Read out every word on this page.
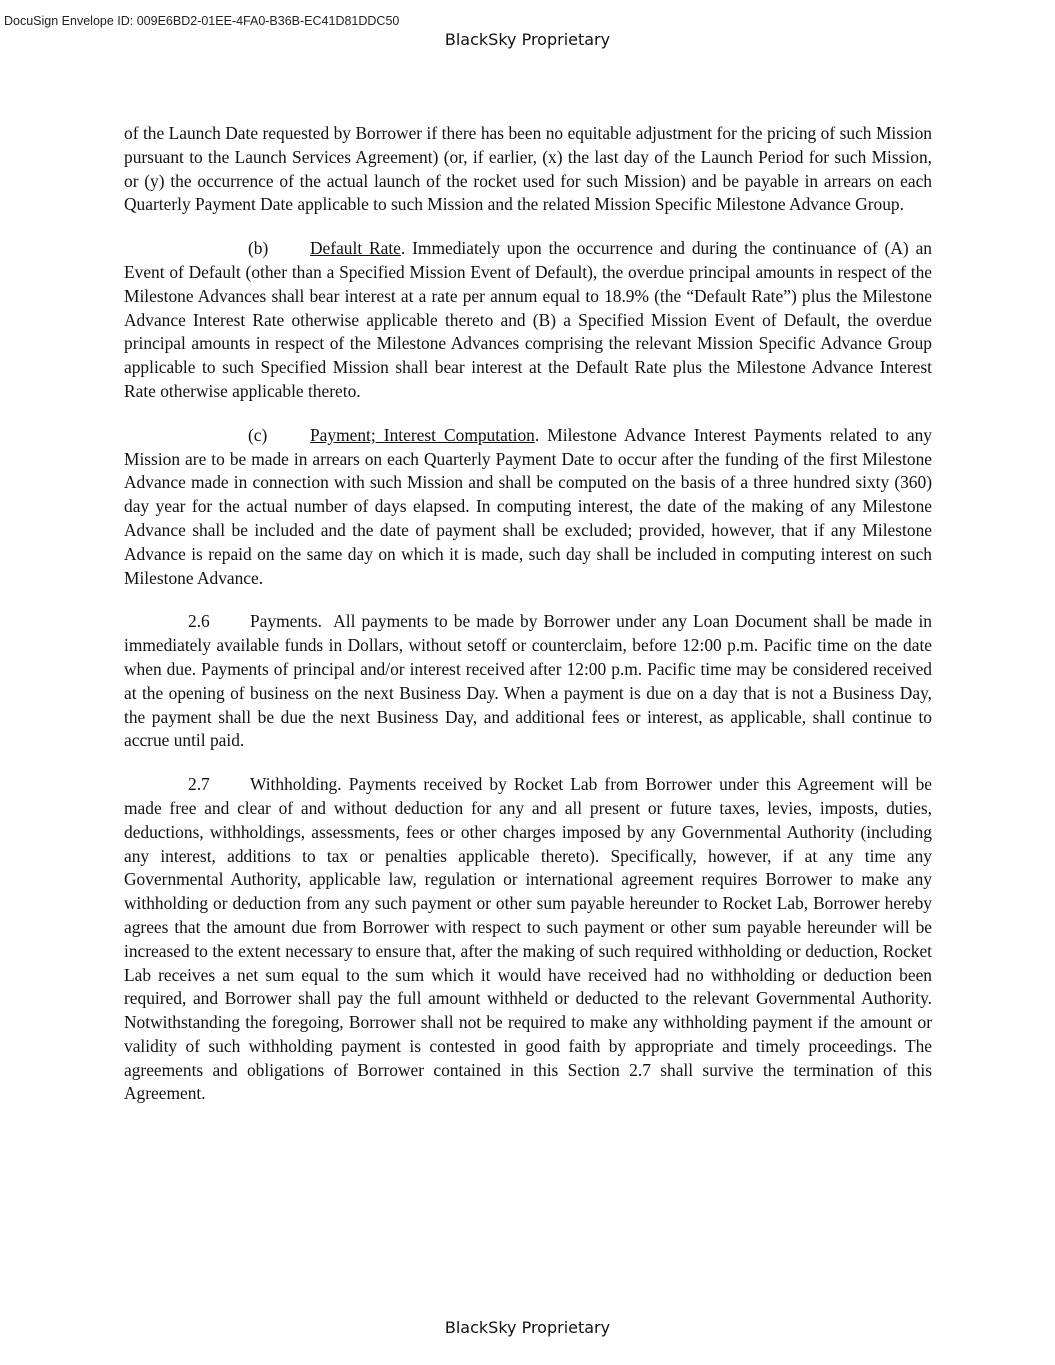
DocuSign Envelope ID: 009E6BD2-01EE-4FA0-B36B-EC41D81DDC50
BlackSky Proprietary

of the Launch Date requested by Borrower if there has been no equitable adjustment for the pricing of such Mission pursuant to the Launch Services Agreement) (or, if earlier, (x) the last day of the Launch Period for such Mission, or (y) the occurrence of the actual launch of the rocket used for such Mission) and be payable in arrears on each Quarterly Payment Date applicable to such Mission and the related Mission Specific Milestone Advance Group.

(b) Default Rate. Immediately upon the occurrence and during the continuance of (A) an Event of Default (other than a Specified Mission Event of Default), the overdue principal amounts in respect of the Milestone Advances shall bear interest at a rate per annum equal to 18.9% (the “Default Rate”) plus the Milestone Advance Interest Rate otherwise applicable thereto and (B) a Specified Mission Event of Default, the overdue principal amounts in respect of the Milestone Advances comprising the relevant Mission Specific Advance Group applicable to such Specified Mission shall bear interest at the Default Rate plus the Milestone Advance Interest Rate otherwise applicable thereto.

(c) Payment; Interest Computation. Milestone Advance Interest Payments related to any Mission are to be made in arrears on each Quarterly Payment Date to occur after the funding of the first Milestone Advance made in connection with such Mission and shall be computed on the basis of a three hundred sixty (360) day year for the actual number of days elapsed. In computing interest, the date of the making of any Milestone Advance shall be included and the date of payment shall be excluded; provided, however, that if any Milestone Advance is repaid on the same day on which it is made, such day shall be included in computing interest on such Milestone Advance.

2.6 Payments. All payments to be made by Borrower under any Loan Document shall be made in immediately available funds in Dollars, without setoff or counterclaim, before 12:00 p.m. Pacific time on the date when due. Payments of principal and/or interest received after 12:00 p.m. Pacific time may be considered received at the opening of business on the next Business Day. When a payment is due on a day that is not a Business Day, the payment shall be due the next Business Day, and additional fees or interest, as applicable, shall continue to accrue until paid.

2.7 Withholding. Payments received by Rocket Lab from Borrower under this Agreement will be made free and clear of and without deduction for any and all present or future taxes, levies, imposts, duties, deductions, withholdings, assessments, fees or other charges imposed by any Governmental Authority (including any interest, additions to tax or penalties applicable thereto). Specifically, however, if at any time any Governmental Authority, applicable law, regulation or international agreement requires Borrower to make any withholding or deduction from any such payment or other sum payable hereunder to Rocket Lab, Borrower hereby agrees that the amount due from Borrower with respect to such payment or other sum payable hereunder will be increased to the extent necessary to ensure that, after the making of such required withholding or deduction, Rocket Lab receives a net sum equal to the sum which it would have received had no withholding or deduction been required, and Borrower shall pay the full amount withheld or deducted to the relevant Governmental Authority. Notwithstanding the foregoing, Borrower shall not be required to make any withholding payment if the amount or validity of such withholding payment is contested in good faith by appropriate and timely proceedings. The agreements and obligations of Borrower contained in this Section 2.7 shall survive the termination of this Agreement.

BlackSky Proprietary
